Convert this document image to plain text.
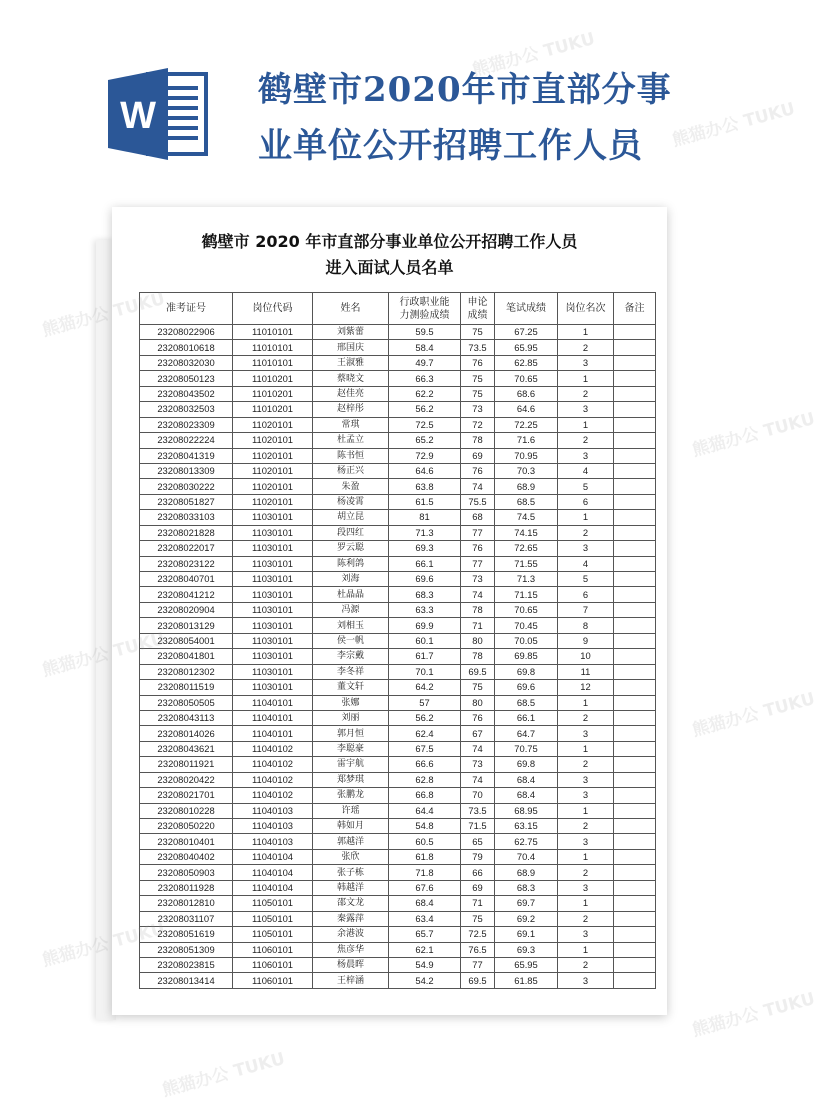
W
鹤壁市2020年市直部分事
业单位公开招聘工作人员
鹤壁市 2020 年市直部分事业单位公开招聘工作人员
进入面试人员名单
准考证号	岗位代码	姓名	行政职业能力测验成绩	申论成绩	笔试成绩	岗位名次	备注
23208022906	11010101	刘紫蕾	59.5	75	67.25	1	
23208010618	11010101	邢国庆	58.4	73.5	65.95	2	
23208032030	11010101	王淑雅	49.7	76	62.85	3	
23208050123	11010201	蔡晓文	66.3	75	70.65	1	
23208043502	11010201	赵佳亮	62.2	75	68.6	2	
23208032503	11010201	赵梓彤	56.2	73	64.6	3	
23208023309	11020101	常琪	72.5	72	72.25	1	
23208022224	11020101	杜孟立	65.2	78	71.6	2	
23208041319	11020101	陈书恒	72.9	69	70.95	3	
23208013309	11020101	杨正兴	64.6	76	70.3	4	
23208030222	11020101	朱盈	63.8	74	68.9	5	
23208051827	11020101	杨凌霄	61.5	75.5	68.5	6	
23208033103	11030101	胡立昆	81	68	74.5	1	
23208021828	11030101	段四红	71.3	77	74.15	2	
23208022017	11030101	罗云聪	69.3	76	72.65	3	
23208023122	11030101	陈利鸽	66.1	77	71.55	4	
23208040701	11030101	刘海	69.6	73	71.3	5	
23208041212	11030101	杜晶晶	68.3	74	71.15	6	
23208020904	11030101	冯源	63.3	78	70.65	7	
23208013129	11030101	刘相玉	69.9	71	70.45	8	
23208054001	11030101	侯一帆	60.1	80	70.05	9	
23208041801	11030101	李宗戴	61.7	78	69.85	10	
23208012302	11030101	李冬祥	70.1	69.5	69.8	11	
23208011519	11030101	董文轩	64.2	75	69.6	12	
23208050505	11040101	张娜	57	80	68.5	1	
23208043113	11040101	刘丽	56.2	76	66.1	2	
23208014026	11040101	郭月恒	62.4	67	64.7	3	
23208043621	11040102	李聪豪	67.5	74	70.75	1	
23208011921	11040102	雷宇航	66.6	73	69.8	2	
23208020422	11040102	郑梦琪	62.8	74	68.4	3	
23208021701	11040102	张鹏龙	66.8	70	68.4	3	
23208010228	11040103	许瑶	64.4	73.5	68.95	1	
23208050220	11040103	韩如月	54.8	71.5	63.15	2	
23208010401	11040103	郭越洋	60.5	65	62.75	3	
23208040402	11040104	张欣	61.8	79	70.4	1	
23208050903	11040104	张子栋	71.8	66	68.9	2	
23208011928	11040104	韩越洋	67.6	69	68.3	3	
23208012810	11050101	邵文龙	68.4	71	69.7	1	
23208031107	11050101	秦露萍	63.4	75	69.2	2	
23208051619	11050101	余港波	65.7	72.5	69.1	3	
23208051309	11060101	焦彦华	62.1	76.5	69.3	1	
23208023815	11060101	杨晨晖	54.9	77	65.95	2	
23208013414	11060101	王梓涵	54.2	69.5	61.85	3	
熊猫办公 TUKU
熊猫办公 TUKU
熊猫办公 TUKU
熊猫办公 TUKU
熊猫办公 TUKU
熊猫办公 TUKU
熊猫办公 TUKU
熊猫办公 TUKU
熊猫办公 TUKU
